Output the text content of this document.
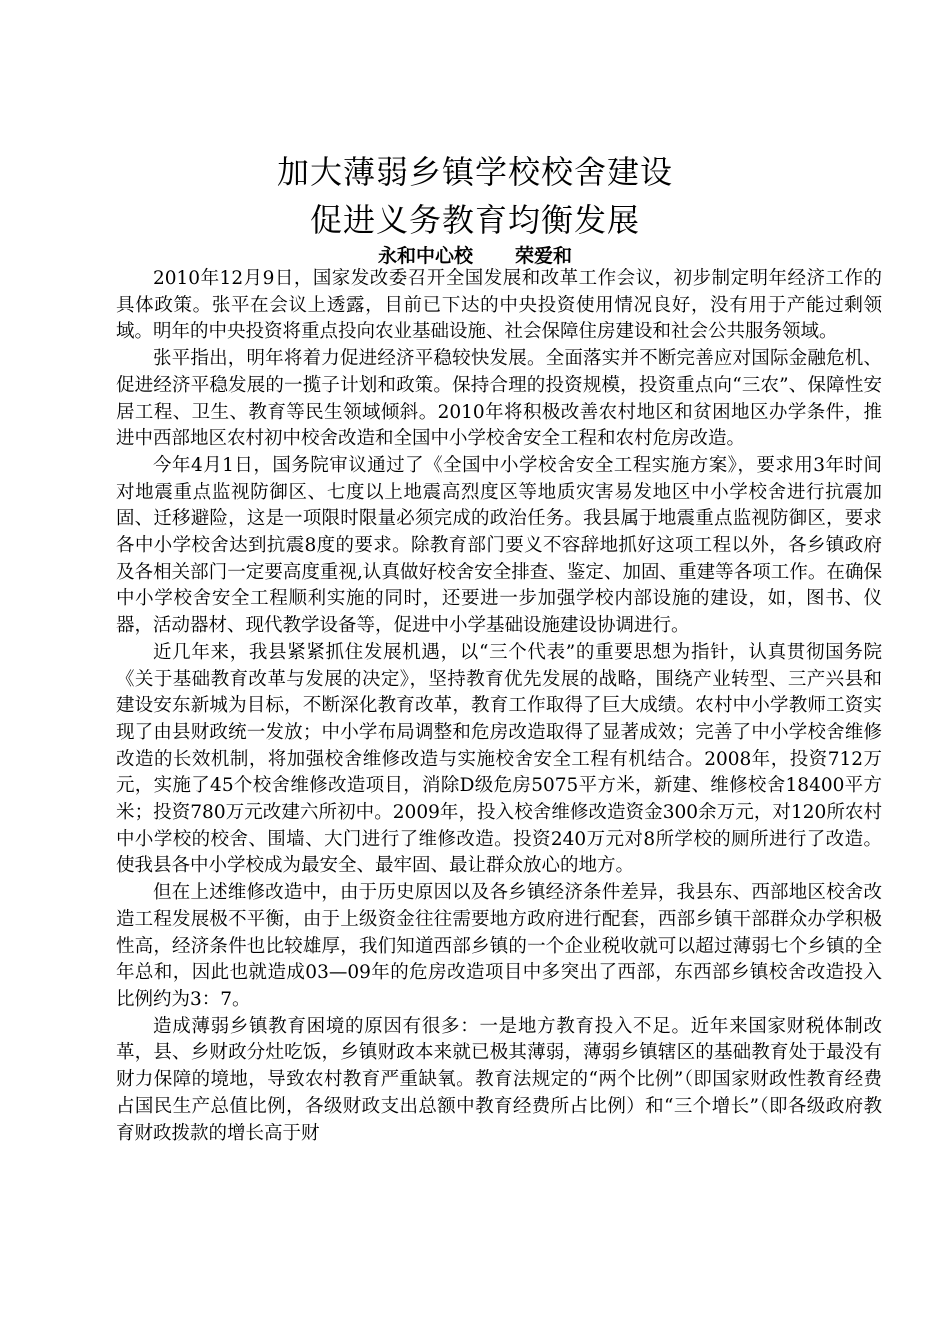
加大薄弱乡镇学校校舍建设
促进义务教育均衡发展
永和中心校 荣爱和

2010年12月9日，国家发改委召开全国发展和改革工作会议，初步制定明年经济工作的具体政策。张平在会议上透露，目前已下达的中央投资使用情况良好，没有用于产能过剩领域。明年的中央投资将重点投向农业基础设施、社会保障住房建设和社会公共服务领域。

张平指出，明年将着力促进经济平稳较快发展。全面落实并不断完善应对国际金融危机、促进经济平稳发展的一揽子计划和政策。保持合理的投资规模，投资重点向“三农”、保障性安居工程、卫生、教育等民生领域倾斜。2010年将积极改善农村地区和贫困地区办学条件，推进中西部地区农村初中校舍改造和全国中小学校舍安全工程和农村危房改造。

今年4月1日，国务院审议通过了《全国中小学校舍安全工程实施方案》，要求用3年时间对地震重点监视防御区、七度以上地震高烈度区等地质灾害易发地区中小学校舍进行抗震加固、迁移避险，这是一项限时限量必须完成的政治任务。我县属于地震重点监视防御区，要求各中小学校舍达到抗震8度的要求。除教育部门要义不容辞地抓好这项工程以外，各乡镇政府及各相关部门一定要高度重视,认真做好校舍安全排查、鉴定、加固、重建等各项工作。在确保中小学校舍安全工程顺利实施的同时，还要进一步加强学校内部设施的建设，如，图书、仪器，活动器材、现代教学设备等，促进中小学基础设施建设协调进行。

近几年来，我县紧紧抓住发展机遇，以“三个代表”的重要思想为指针，认真贯彻国务院《关于基础教育改革与发展的决定》，坚持教育优先发展的战略，围绕产业转型、三产兴县和建设安东新城为目标，不断深化教育改革，教育工作取得了巨大成绩。农村中小学教师工资实现了由县财政统一发放；中小学布局调整和危房改造取得了显著成效；完善了中小学校舍维修改造的长效机制，将加强校舍维修改造与实施校舍安全工程有机结合。2008年，投资712万元，实施了45个校舍维修改造项目，消除D级危房5075平方米，新建、维修校舍18400平方米；投资780万元改建六所初中。2009年，投入校舍维修改造资金300余万元，对120所农村中小学校的校舍、围墙、大门进行了维修改造。投资240万元对8所学校的厕所进行了改造。使我县各中小学校成为最安全、最牢固、最让群众放心的地方。

但在上述维修改造中，由于历史原因以及各乡镇经济条件差异，我县东、西部地区校舍改造工程发展极不平衡，由于上级资金往往需要地方政府进行配套，西部乡镇干部群众办学积极性高，经济条件也比较雄厚，我们知道西部乡镇的一个企业税收就可以超过薄弱七个乡镇的全年总和，因此也就造成03—09年的危房改造项目中多突出了西部，东西部乡镇校舍改造投入比例约为3：7。

造成薄弱乡镇教育困境的原因有很多：一是地方教育投入不足。近年来国家财税体制改革，县、乡财政分灶吃饭，乡镇财政本来就已极其薄弱，薄弱乡镇辖区的基础教育处于最没有财力保障的境地，导致农村教育严重缺氧。教育法规定的“两个比例”（即国家财政性教育经费占国民生产总值比例，各级财政支出总额中教育经费所占比例）和“三个增长”（即各级政府教育财政拨款的增长高于财
